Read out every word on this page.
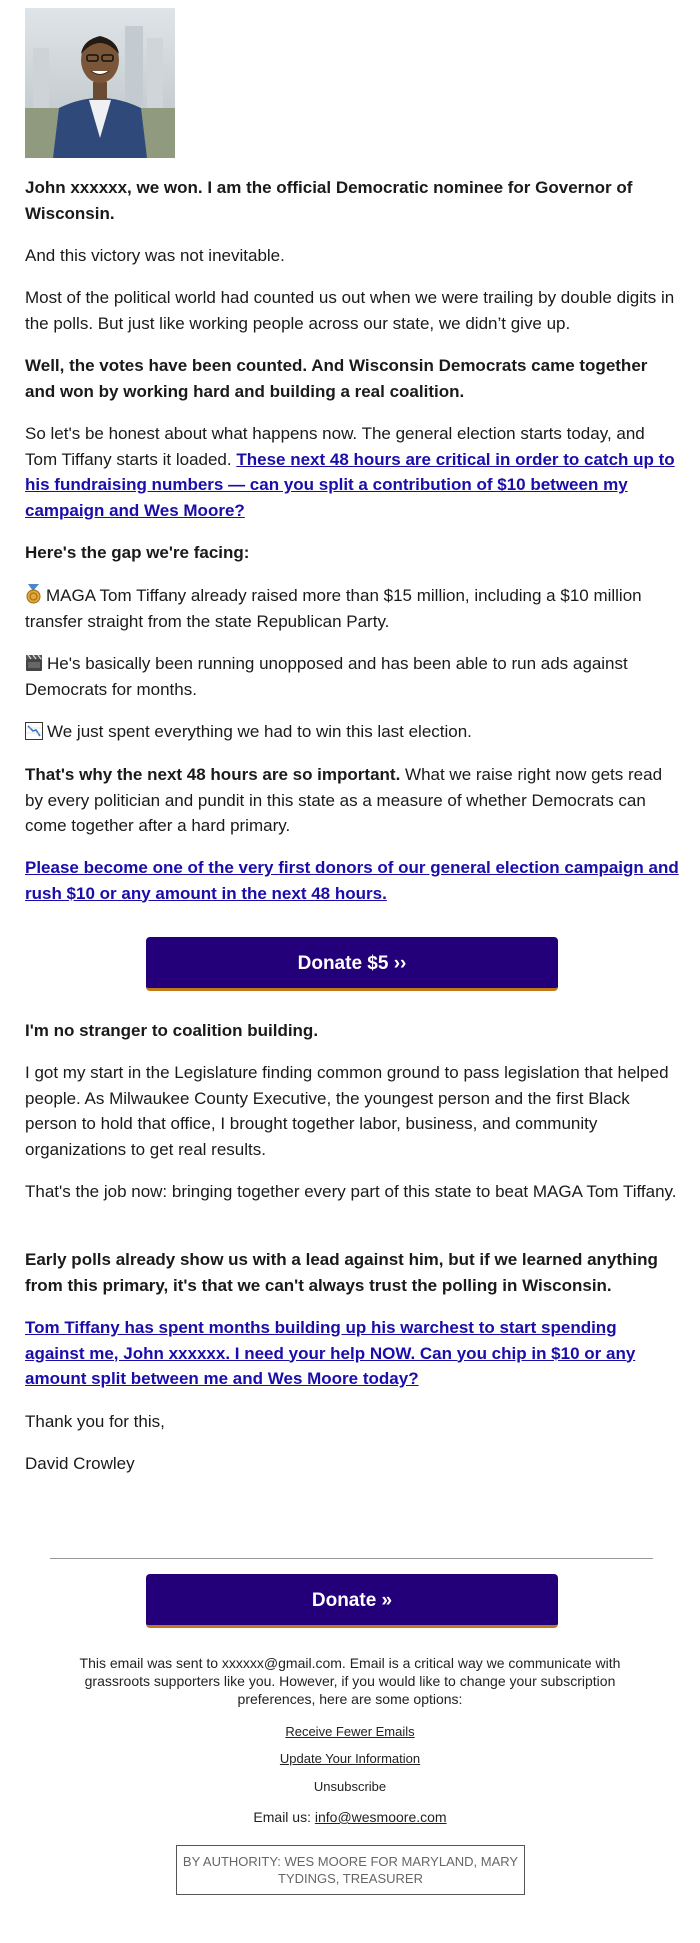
John xxxxxx, we won. I am the official Democratic nominee for Governor of Wisconsin.

And this victory was not inevitable.

Most of the political world had counted us out when we were trailing by double digits in the polls. But just like working people across our state, we didn’t give up.

Well, the votes have been counted. And Wisconsin Democrats came together and won by working hard and building a real coalition.

So let's be honest about what happens now. The general election starts today, and Tom Tiffany starts it loaded. These next 48 hours are critical in order to catch up to his fundraising numbers — can you split a contribution of $10 between my campaign and Wes Moore?

Here's the gap we're facing:

MAGA Tom Tiffany already raised more than $15 million, including a $10 million transfer straight from the state Republican Party.

He's basically been running unopposed and has been able to run ads against Democrats for months.

We just spent everything we had to win this last election.

That's why the next 48 hours are so important. What we raise right now gets read by every politician and pundit in this state as a measure of whether Democrats can come together after a hard primary.

Please become one of the very first donors of our general election campaign and rush $10 or any amount in the next 48 hours.

Donate $5 ››

I'm no stranger to coalition building.

I got my start in the Legislature finding common ground to pass legislation that helped people. As Milwaukee County Executive, the youngest person and the first Black person to hold that office, I brought together labor, business, and community organizations to get real results.

That's the job now: bringing together every part of this state to beat MAGA Tom Tiffany.

Early polls already show us with a lead against him, but if we learned anything from this primary, it's that we can't always trust the polling in Wisconsin.

Tom Tiffany has spent months building up his warchest to start spending against me, John xxxxxx. I need your help NOW. Can you chip in $10 or any amount split between me and Wes Moore today?

Thank you for this,

David Crowley

Donate »
This email was sent to xxxxxx@gmail.com. Email is a critical way we communicate with grassroots supporters like you. However, if you would like to change your subscription preferences, here are some options:
Receive Fewer Emails
Update Your Information
Unsubscribe
Email us: info@wesmoore.com
BY AUTHORITY: WES MOORE FOR MARYLAND, MARY TYDINGS, TREASURER
